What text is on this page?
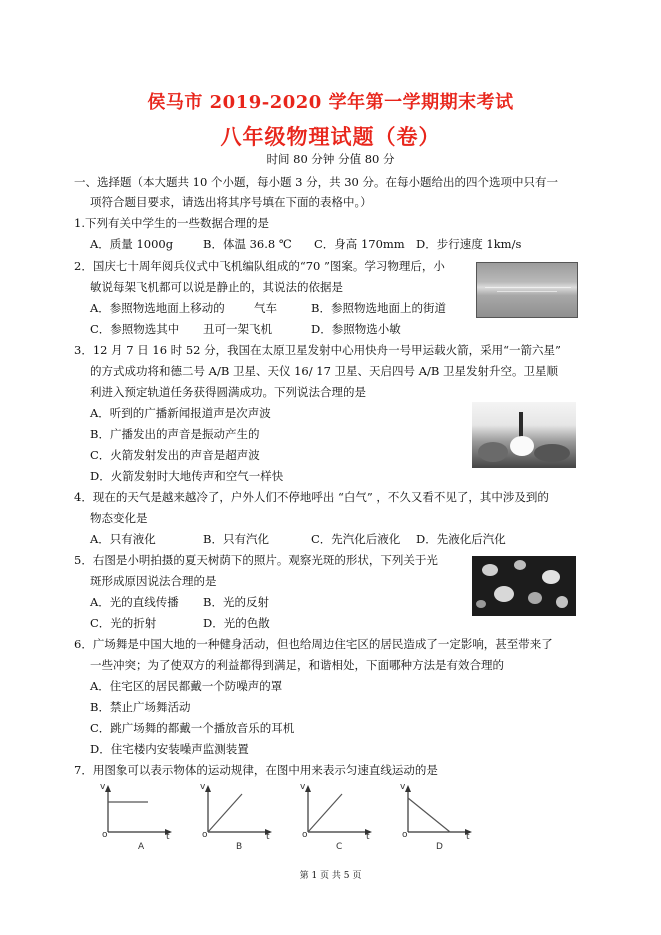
侯马市 2019-2020 学年第一学期期末考试
八年级物理试题（卷）
时间 80 分钟 分值 80 分
一、选择题（本大题共 10 个小题，每小题 3 分，共 30 分。在每小题给出的四个选项中只有一
项符合题目要求，请选出将其序号填在下面的表格中。）
1.下列有关中学生的一些数据合理的是
A．质量 1000g	B．体温 36.8 ℃ C．身高 170mm D．步行速度 1km/s
2．国庆七十周年阅兵仪式中飞机编队组成的“70 ”图案。学习物理后，小
敏说每架飞机都可以说是静止的，其说法的依据是
A．参照物选地面上移动的	气车	B．参照物选地面上的街道
C．参照物选其中 丑可一架飞机	D．参照物选小敏
3．12 月 7 日 16 时 52 分，我国在太原卫星发射中心用快舟一号甲运载火箭，采用“一箭六星”
的方式成功将和德二号 A/B 卫星、天仪 16/ 17 卫星、天启四号 A/B 卫星发射升空。卫星顺
利进入预定轨道任务获得圆满成功。下列说法合理的是
A．听到的广播新闻报道声是次声波
B．广播发出的声音是振动产生的
C．火箭发射发出的声音是超声波
D．火箭发射时大地传声和空气一样快
4．现在的天气是越来越冷了，户外人们不停地呼出 “白气” ，不久又看不见了，其中涉及到的
物态变化是
A．只有液化	B．只有汽化	C．先汽化后液化 D．先液化后汽化
5．右图是小明拍摄的夏天树荫下的照片。观察光斑的形状，下列关于光
斑形成原因说法合理的是
A．光的直线传播 B．光的反射
C．光的折射	D．光的色散
6．广场舞是中国大地的一种健身活动，但也给周边住宅区的居民造成了一定影响，甚至带来了
一些冲突；为了使双方的利益都得到满足，和谐相处，下面哪种方法是有效合理的
A．住宅区的居民都戴一个防噪声的罩
B．禁止广场舞活动
C．跳广场舞的都戴一个播放音乐的耳机
D．住宅楼内安装噪声监测装置
7．用图象可以表示物体的运动规律，在图中用来表示匀速直线运动的是
v
o	t
A
v
o	t
B
v
o	t
C
v
o	t
D
第 1 页 共 5 页
